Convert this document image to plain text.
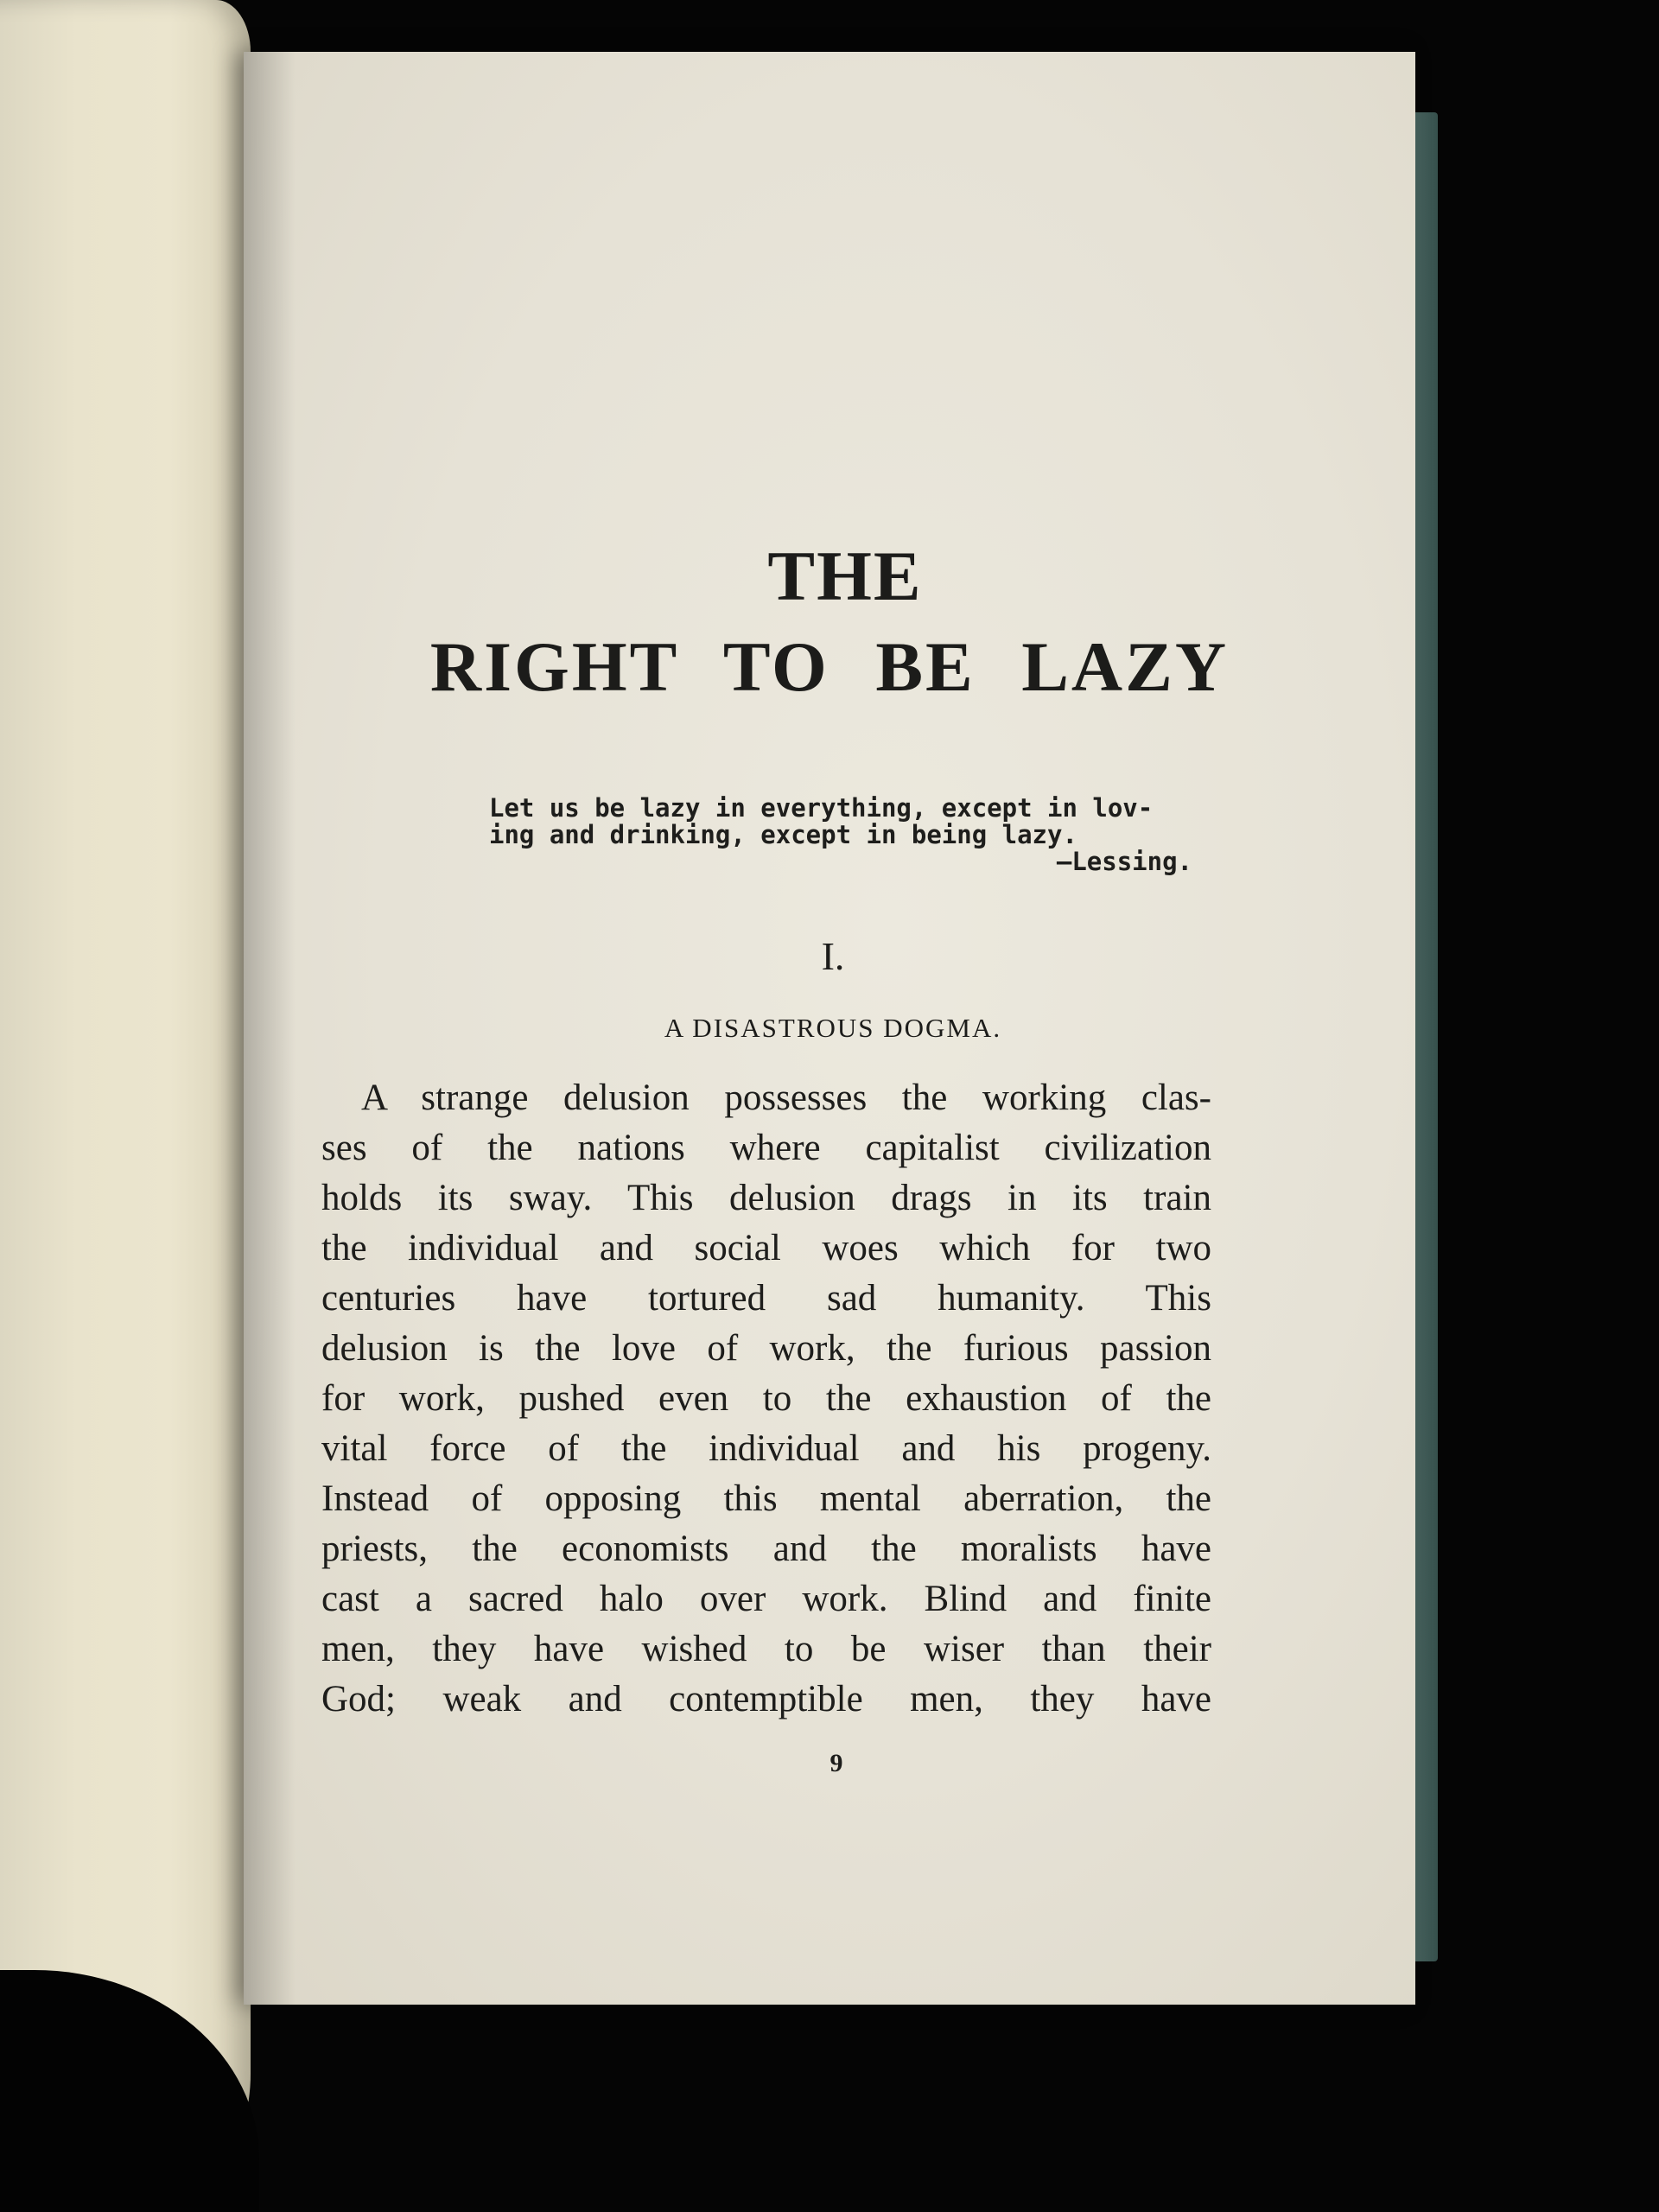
THE
RIGHT TO BE LAZY
Let us be lazy in everything, except in lov-
ing and drinking, except in being lazy.
—Lessing.
I.
A DISASTROUS DOGMA.
A strange delusion possesses the working clas-
ses of the nations where capitalist civilization
holds its sway. This delusion drags in its train
the individual and social woes which for two
centuries have tortured sad humanity. This
delusion is the love of work, the furious passion
for work, pushed even to the exhaustion of the
vital force of the individual and his progeny.
Instead of opposing this mental aberration, the
priests, the economists and the moralists have
cast a sacred halo over work. Blind and finite
men, they have wished to be wiser than their
God; weak and contemptible men, they have
9
